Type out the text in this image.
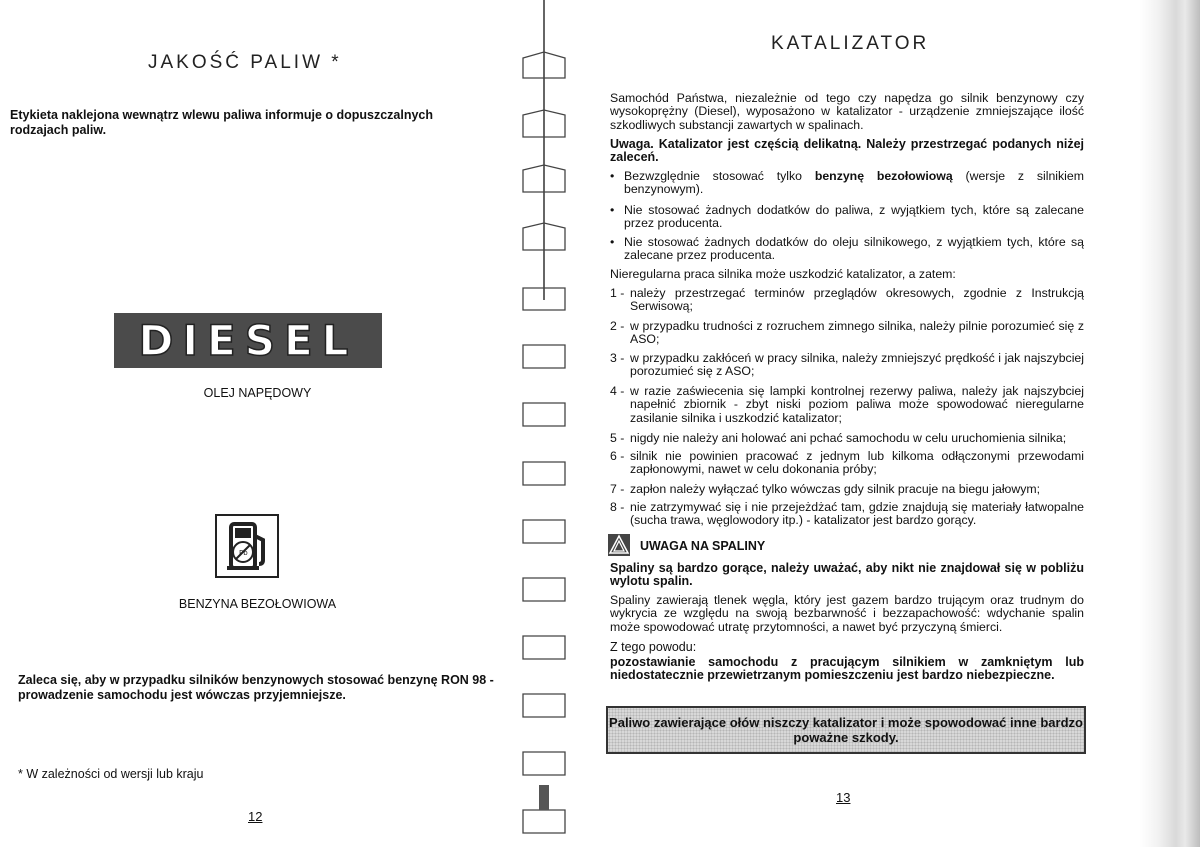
JAKOŚĆ PALIW *
Etykieta naklejona wewnątrz wlewu paliwa informuje o dopuszczalnych rodzajach paliw.
DIESEL
OLEJ NAPĘDOWY
Pb
BENZYNA BEZOŁOWIOWA
Zaleca się, aby w przypadku silników benzynowych stosować benzynę RON 98 - prowadzenie samochodu jest wówczas przyjemniejsze.
* W zależności od wersji lub kraju
12
KATALIZATOR
Samochód Państwa, niezależnie od tego czy napędza go silnik benzynowy czy wysokoprężny (Diesel), wyposażono w katalizator - urządzenie zmniejszające ilość szkodliwych substancji zawartych w spalinach.
Uwaga. Katalizator jest częścią delikatną. Należy przestrzegać podanych niżej zaleceń.
• Bezwzględnie stosować tylko benzynę bezołowiową (wersje z silnikiem benzynowym).
• Nie stosować żadnych dodatków do paliwa, z wyjątkiem tych, które są zalecane przez producenta.
• Nie stosować żadnych dodatków do oleju silnikowego, z wyjątkiem tych, które są zalecane przez producenta.
Nieregularna praca silnika może uszkodzić katalizator, a zatem:
1 - należy przestrzegać terminów przeglądów okresowych, zgodnie z Instrukcją Serwisową;
2 - w przypadku trudności z rozruchem zimnego silnika, należy pilnie porozumieć się z ASO;
3 - w przypadku zakłóceń w pracy silnika, należy zmniejszyć prędkość i jak najszybciej porozumieć się z ASO;
4 - w razie zaświecenia się lampki kontrolnej rezerwy paliwa, należy jak najszybciej napełnić zbiornik - zbyt niski poziom paliwa może spowodować nieregularne zasilanie silnika i uszkodzić katalizator;
5 - nigdy nie należy ani holować ani pchać samochodu w celu uruchomienia silnika;
6 - silnik nie powinien pracować z jednym lub kilkoma odłączonymi przewodami zapłonowymi, nawet w celu dokonania próby;
7 - zapłon należy wyłączać tylko wówczas gdy silnik pracuje na biegu jałowym;
8 - nie zatrzymywać się i nie przejeżdżać tam, gdzie znajdują się materiały łatwopalne (sucha trawa, węglowodory itp.) - katalizator jest bardzo gorący.
UWAGA NA SPALINY
Spaliny są bardzo gorące, należy uważać, aby nikt nie znajdował się w pobliżu wylotu spalin.
Spaliny zawierają tlenek węgla, który jest gazem bardzo trującym oraz trudnym do wykrycia ze względu na swoją bezbarwność i bezzapachowość: wdychanie spalin może spowodować utratę przytomności, a nawet być przyczyną śmierci.
Z tego powodu:
pozostawianie samochodu z pracującym silnikiem w zamkniętym lub niedostatecznie przewietrzanym pomieszczeniu jest bardzo niebezpieczne.
Paliwo zawierające ołów niszczy katalizator i może spowodować inne bardzo poważne szkody.
13
